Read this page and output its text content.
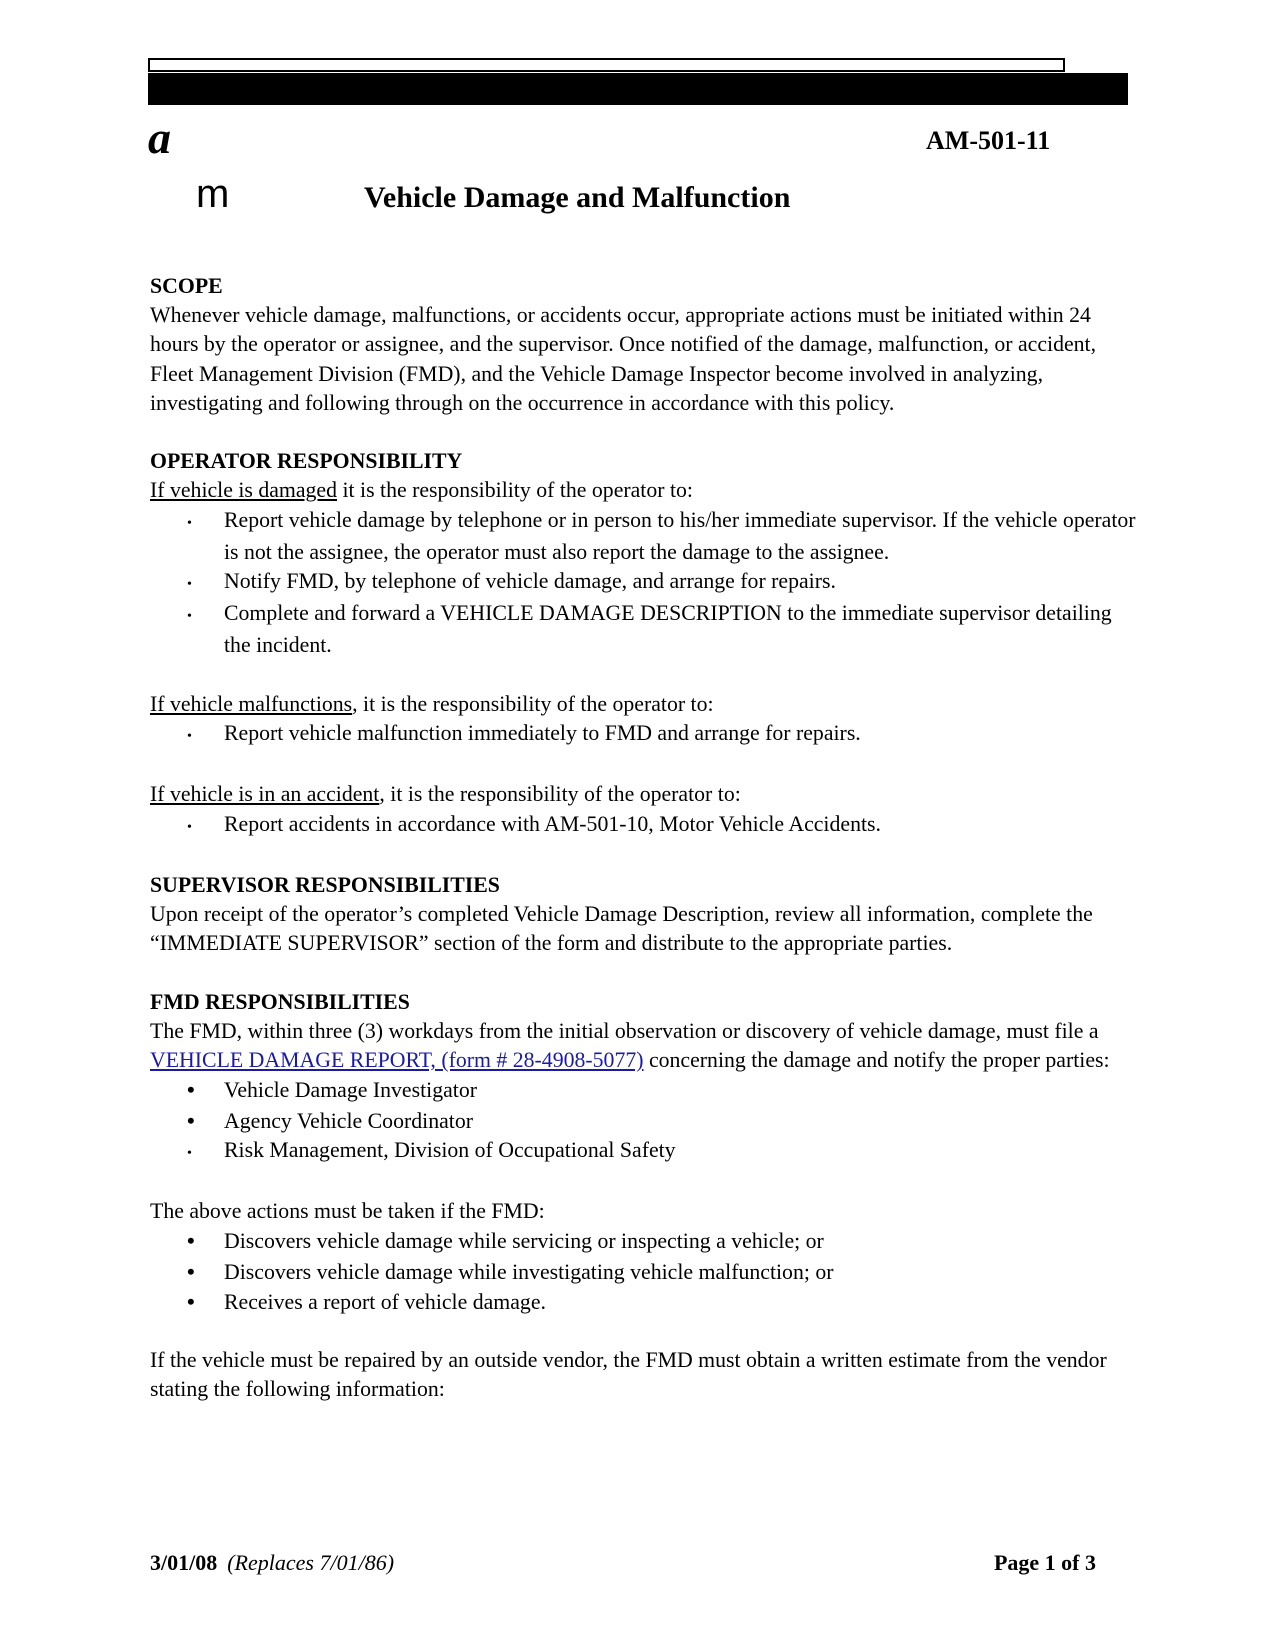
a
m
AM-501-11
Vehicle Damage and Malfunction

SCOPE

Whenever vehicle damage, malfunctions, or accidents occur, appropriate actions must be initiated within 24 hours by the operator or assignee, and the supervisor. Once notified of the damage, malfunction, or accident, Fleet Management Division (FMD), and the Vehicle Damage Inspector become involved in analyzing, investigating and following through on the occurrence in accordance with this policy.

OPERATOR RESPONSIBILITY

If vehicle is damaged it is the responsibility of the operator to:

• Report vehicle damage by telephone or in person to his/her immediate supervisor. If the vehicle operator is not the assignee, the operator must also report the damage to the assignee.
• Notify FMD, by telephone of vehicle damage, and arrange for repairs.
• Complete and forward a VEHICLE DAMAGE DESCRIPTION to the immediate supervisor detailing the incident.

If vehicle malfunctions, it is the responsibility of the operator to:

• Report vehicle malfunction immediately to FMD and arrange for repairs.

If vehicle is in an accident, it is the responsibility of the operator to:

• Report accidents in accordance with AM-501-10, Motor Vehicle Accidents.

SUPERVISOR RESPONSIBILITIES

Upon receipt of the operator’s completed Vehicle Damage Description, review all information, complete the “IMMEDIATE SUPERVISOR” section of the form and distribute to the appropriate parties.

FMD RESPONSIBILITIES

The FMD, within three (3) workdays from the initial observation or discovery of vehicle damage, must file a VEHICLE DAMAGE REPORT, (form # 28-4908-5077) concerning the damage and notify the proper parties:

• Vehicle Damage Investigator
• Agency Vehicle Coordinator
• Risk Management, Division of Occupational Safety

The above actions must be taken if the FMD:

• Discovers vehicle damage while servicing or inspecting a vehicle; or
• Discovers vehicle damage while investigating vehicle malfunction; or
• Receives a report of vehicle damage.

If the vehicle must be repaired by an outside vendor, the FMD must obtain a written estimate from the vendor stating the following information:

3/01/08 (Replaces 7/01/86)	Page 1 of 3
